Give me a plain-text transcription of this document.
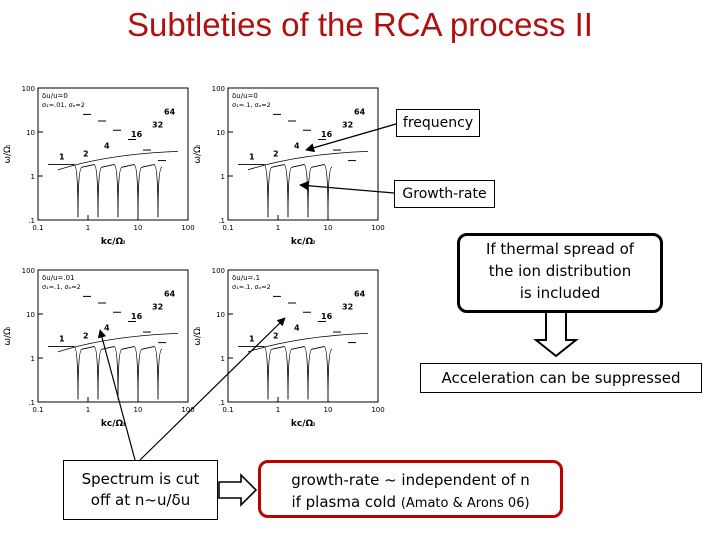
Subtleties of the RCA process II
100
10
1
.1
0.1	1	10	100
ω/Ωᵢ
kc/Ωᵢ
δu/u=0
σ₁=.01, σₐ≈2
64
32
16
4
2
1
100
10
1
.1
0.1	1	10	100
ω/Ωᵢ
kc/Ωᵢ
δu/u=0
σ₁=.1, σₐ≈2
64
32
16
4
2
1
100
10
1
.1
0.1	1	10	100
ω/Ωᵢ
kc/Ωᵢ
δu/u=.01
σ₁=.1, σₐ≈2
64
32
16
4
2
1
100
10
1
.1
0.1	1	10	100
ω/Ωᵢ
kc/Ωᵢ
δu/u=.1
σ₁=.1, σₐ≈2
64
32
16
4
2
1
frequency
Growth-rate
If thermal spread of
the ion distribution
is included
Acceleration can be suppressed
Spectrum is cut
off at n~u/δu
growth-rate ~ independent of n
if plasma cold (Amato & Arons 06)
